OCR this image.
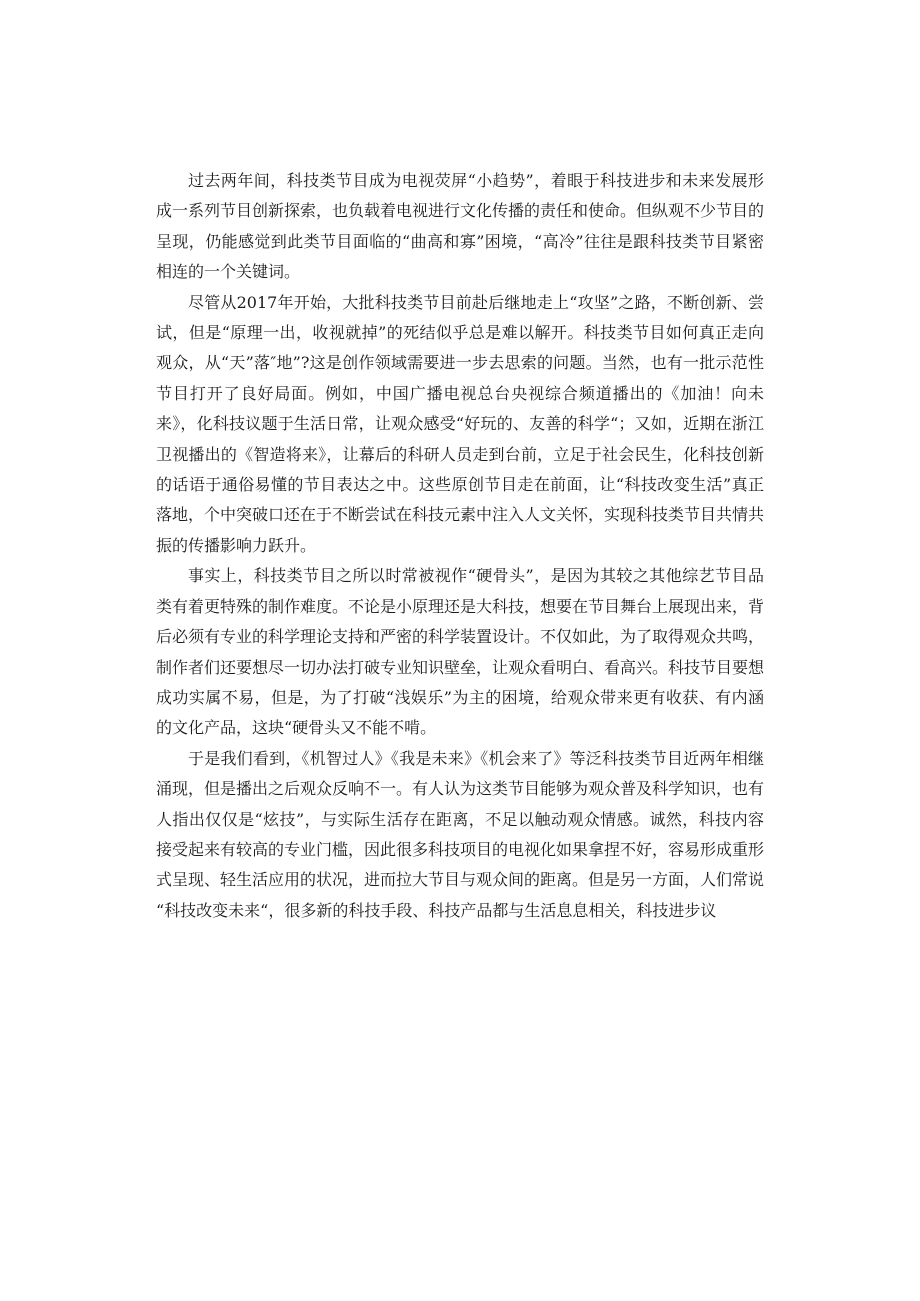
过去两年间，科技类节目成为电视荧屏“小趋势”，着眼于科技进步和未来发展形成一系列节目创新探索，也负载着电视进行文化传播的责任和使命。但纵观不少节目的呈现，仍能感觉到此类节目面临的“曲高和寡”困境，“高冷”往往是跟科技类节目紧密相连的一个关键词。

尽管从2017年开始，大批科技类节目前赴后继地走上“攻坚”之路，不断创新、尝试，但是“原理一出，收视就掉”的死结似乎总是难以解开。科技类节目如何真正走向观众，从“天”落″地”?这是创作领域需要进一步去思索的问题。当然，也有一批示范性节目打开了良好局面。例如，中国广播电视总台央视综合频道播出的《加油！向未来》，化科技议题于生活日常，让观众感受“好玩的、友善的科学“；又如，近期在浙江卫视播出的《智造将来》，让幕后的科研人员走到台前，立足于社会民生，化科技创新的话语于通俗易懂的节目表达之中。这些原创节目走在前面，让“科技改变生活”真正落地，个中突破口还在于不断尝试在科技元素中注入人文关怀，实现科技类节目共情共振的传播影响力跃升。

事实上，科技类节目之所以时常被视作“硬骨头”，是因为其较之其他综艺节目品类有着更特殊的制作难度。不论是小原理还是大科技，想要在节目舞台上展现出来，背后必须有专业的科学理论支持和严密的科学装置设计。不仅如此，为了取得观众共鸣，制作者们还要想尽一切办法打破专业知识壁垒，让观众看明白、看高兴。科技节目要想成功实属不易，但是，为了打破“浅娱乐”为主的困境，给观众带来更有收获、有内涵的文化产品，这块“硬骨头又不能不啃。

于是我们看到，《机智过人》《我是未来》《机会来了》等泛科技类节目近两年相继涌现，但是播出之后观众反响不一。有人认为这类节目能够为观众普及科学知识，也有人指出仅仅是“炫技”，与实际生活存在距离，不足以触动观众情感。诚然，科技内容接受起来有较高的专业门槛，因此很多科技项目的电视化如果拿捏不好，容易形成重形式呈现、轻生活应用的状况，进而拉大节目与观众间的距离。但是另一方面，人们常说

“科技改变未来“，很多新的科技手段、科技产品都与生活息息相关，科技进步议
